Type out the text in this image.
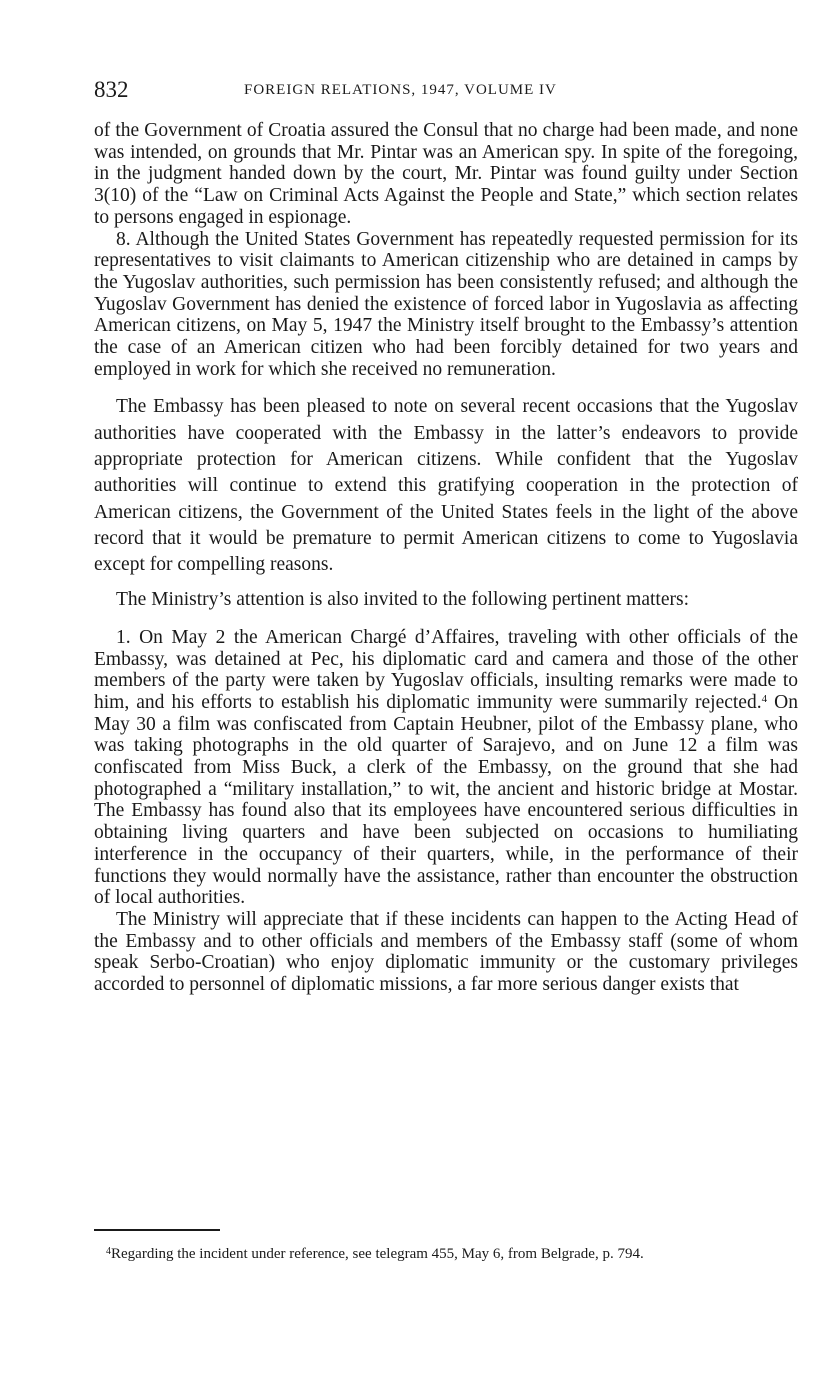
832	FOREIGN RELATIONS, 1947, VOLUME IV

of the Government of Croatia assured the Consul that no charge had been made, and none was intended, on grounds that Mr. Pintar was an American spy. In spite of the foregoing, in the judgment handed down by the court, Mr. Pintar was found guilty under Section 3(10) of the “Law on Criminal Acts Against the People and State,” which section relates to persons engaged in espionage.

8. Although the United States Government has repeatedly requested permission for its representatives to visit claimants to American citizenship who are detained in camps by the Yugoslav authorities, such permission has been consistently refused; and although the Yugoslav Government has denied the existence of forced labor in Yugoslavia as affecting American citizens, on May 5, 1947 the Ministry itself brought to the Embassy’s attention the case of an American citizen who had been forcibly detained for two years and employed in work for which she received no remuneration.

The Embassy has been pleased to note on several recent occasions that the Yugoslav authorities have cooperated with the Embassy in the latter’s endeavors to provide appropriate protection for American citizens. While confident that the Yugoslav authorities will continue to extend this gratifying cooperation in the protection of American citizens, the Government of the United States feels in the light of the above record that it would be premature to permit American citizens to come to Yugoslavia except for compelling reasons.

The Ministry’s attention is also invited to the following pertinent matters:

1. On May 2 the American Chargé d’Affaires, traveling with other officials of the Embassy, was detained at Pec, his diplomatic card and camera and those of the other members of the party were taken by Yugoslav officials, insulting remarks were made to him, and his efforts to establish his diplomatic immunity were summarily rejected.$^4$ On May 30 a film was confiscated from Captain Heubner, pilot of the Embassy plane, who was taking photographs in the old quarter of Sarajevo, and on June 12 a film was confiscated from Miss Buck, a clerk of the Embassy, on the ground that she had photographed a “military installation,” to wit, the ancient and historic bridge at Mostar. The Embassy has found also that its employees have encountered serious difficulties in obtaining living quarters and have been subjected on occasions to humiliating interference in the occupancy of their quarters, while, in the performance of their functions they would normally have the assistance, rather than encounter the obstruction of local authorities.

The Ministry will appreciate that if these incidents can happen to the Acting Head of the Embassy and to other officials and members of the Embassy staff (some of whom speak Serbo-Croatian) who enjoy diplomatic immunity or the customary privileges accorded to personnel of diplomatic missions, a far more serious danger exists that

$^4$Regarding the incident under reference, see telegram 455, May 6, from Belgrade, p. 794.
